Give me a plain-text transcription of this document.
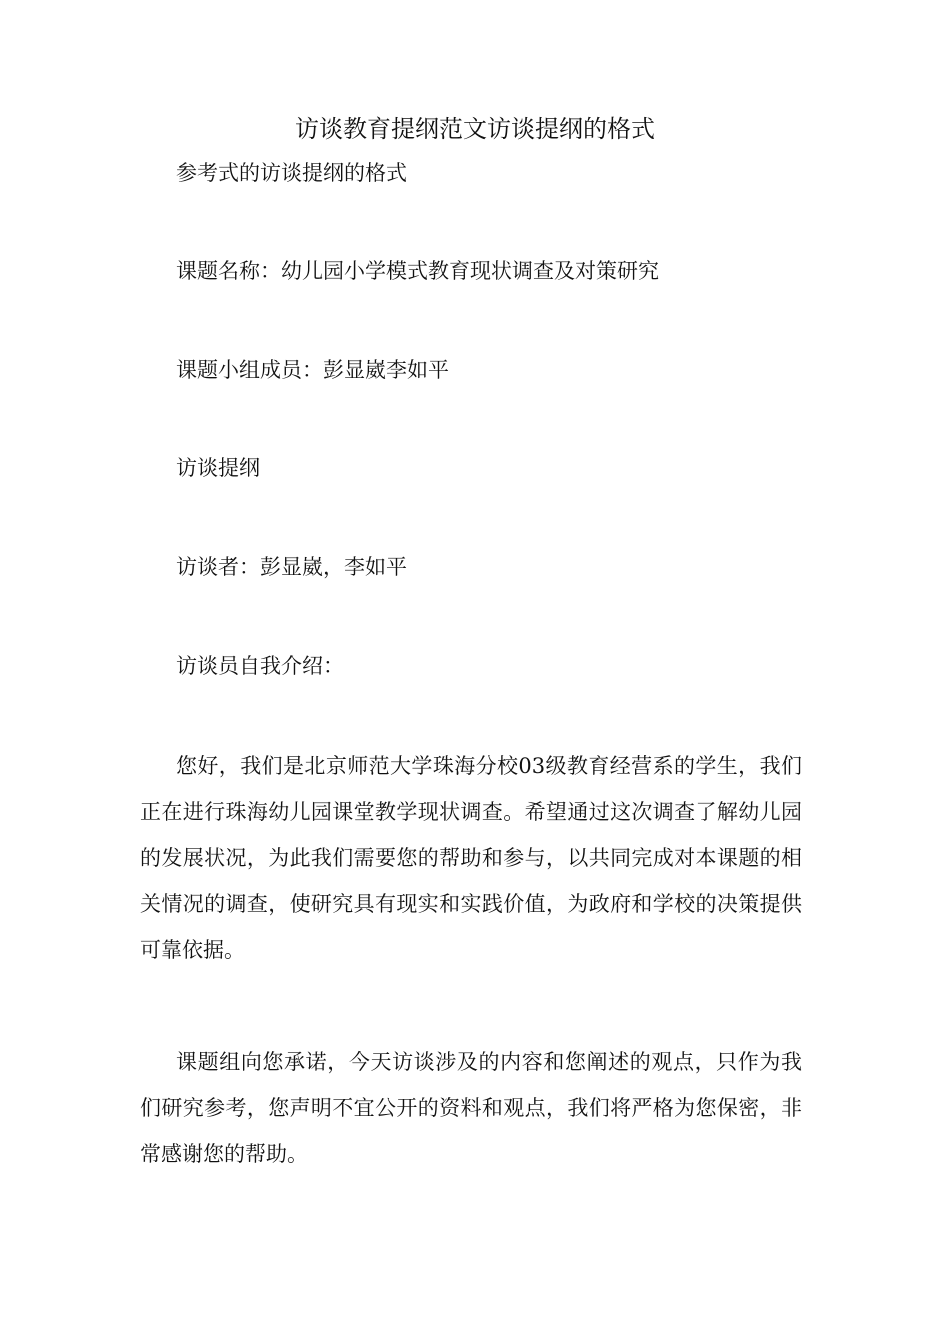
访谈教育提纲范文访谈提纲的格式

参考式的访谈提纲的格式

课题名称：幼儿园小学模式教育现状调查及对策研究

课题小组成员：彭显崴李如平

访谈提纲

访谈者：彭显崴，李如平

访谈员自我介绍：

您好，我们是北京师范大学珠海分校03级教育经营系的学生，我们正在进行珠海幼儿园课堂教学现状调查。希望通过这次调查了解幼儿园的发展状况，为此我们需要您的帮助和参与，以共同完成对本课题的相关情况的调查，使研究具有现实和实践价值，为政府和学校的决策提供可靠依据。

课题组向您承诺，今天访谈涉及的内容和您阐述的观点，只作为我们研究参考，您声明不宜公开的资料和观点，我们将严格为您保密，非常感谢您的帮助。
